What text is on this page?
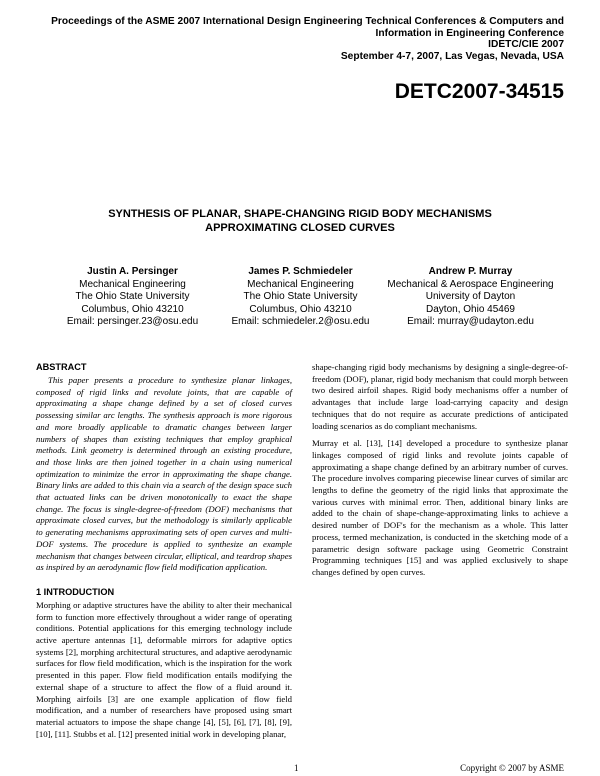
Proceedings of the ASME 2007 International Design Engineering Technical Conferences & Computers and
Information in Engineering Conference
IDETC/CIE 2007
September 4-7, 2007, Las Vegas, Nevada, USA
DETC2007-34515
SYNTHESIS OF PLANAR, SHAPE-CHANGING RIGID BODY MECHANISMS
APPROXIMATING CLOSED CURVES
Justin A. Persinger
Mechanical Engineering
The Ohio State University
Columbus, Ohio 43210
Email: persinger.23@osu.edu
James P. Schmiedeler
Mechanical Engineering
The Ohio State University
Columbus, Ohio 43210
Email: schmiedeler.2@osu.edu
Andrew P. Murray
Mechanical & Aerospace Engineering
University of Dayton
Dayton, Ohio 45469
Email: murray@udayton.edu
ABSTRACT

This paper presents a procedure to synthesize planar linkages, composed of rigid links and revolute joints, that are capable of approximating a shape change defined by a set of closed curves possessing similar arc lengths. The synthesis approach is more rigorous and more broadly applicable to dramatic changes between larger numbers of shapes than existing techniques that employ graphical methods. Link geometry is determined through an existing procedure, and those links are then joined together in a chain using numerical optimization to minimize the error in approximating the shape change. Binary links are added to this chain via a search of the design space such that actuated links can be driven monotonically to exact the shape change. The focus is single-degree-of-freedom (DOF) mechanisms that approximate closed curves, but the methodology is similarly applicable to generating mechanisms approximating sets of open curves and multi-DOF systems. The procedure is applied to synthesize an example mechanism that changes between circular, elliptical, and teardrop shapes as inspired by an aerodynamic flow field modification application.

1 INTRODUCTION

Morphing or adaptive structures have the ability to alter their mechanical form to function more effectively throughout a wider range of operating conditions. Potential applications for this emerging technology include active aperture antennas [1], deformable mirrors for adaptive optics systems [2], morphing architectural structures, and adaptive aerodynamic surfaces for flow field modification, which is the inspiration for the work presented in this paper. Flow field modification entails modifying the external shape of a structure to affect the flow of a fluid around it. Morphing airfoils [3] are one example application of flow field modification, and a number of researchers have proposed using smart material actuators to impose the shape change [4], [5], [6], [7], [8], [9], [10], [11]. Stubbs et al. [12] presented initial work in developing planar,

shape-changing rigid body mechanisms by designing a single-degree-of-freedom (DOF), planar, rigid body mechanism that could morph between two desired airfoil shapes. Rigid body mechanisms offer a number of advantages that include large load-carrying capacity and design techniques that do not require as accurate predictions of anticipated loading scenarios as do compliant mechanisms.

Murray et al. [13], [14] developed a procedure to synthesize planar linkages composed of rigid links and revolute joints capable of approximating a shape change defined by an arbitrary number of curves. The procedure involves comparing piecewise linear curves of similar arc lengths to define the geometry of the rigid links that approximate the various curves with minimal error. Then, additional binary links are added to the chain of shape-change-approximating links to achieve a desired number of DOF's for the mechanism as a whole. This latter process, termed mechanization, is conducted in the sketching mode of a parametric design software package using Geometric Constraint Programming techniques [15] and was applied exclusively to shape changes defined by open curves.

1	Copyright © 2007 by ASME
